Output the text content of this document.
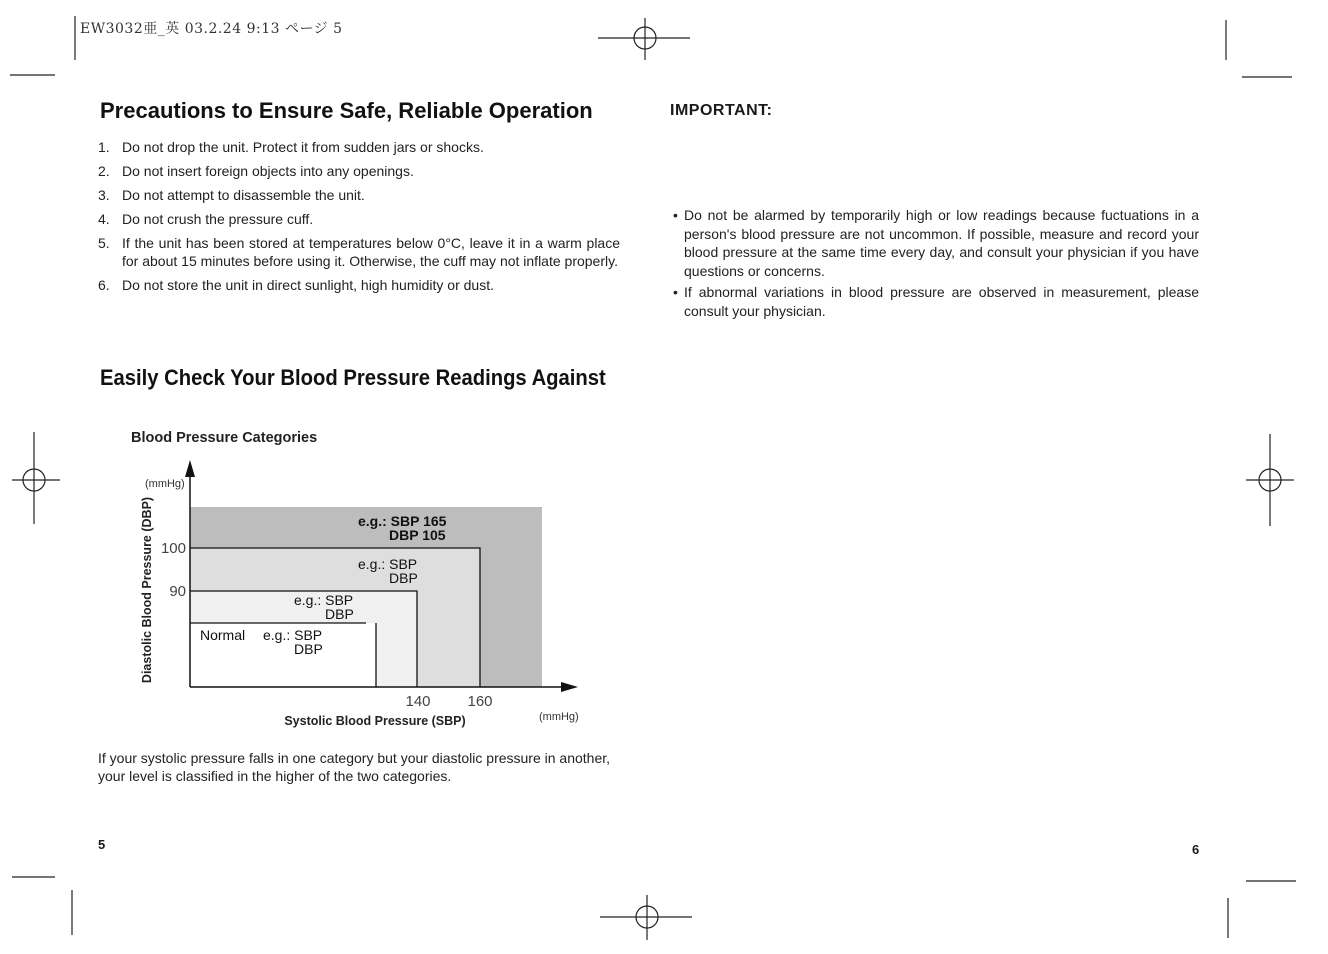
EW3032亜_英 03.2.24 9:13 ページ 5
Precautions to Ensure Safe, Reliable Operation
1. Do not drop the unit. Protect it from sudden jars or shocks.
2. Do not insert foreign objects into any openings.
3. Do not attempt to disassemble the unit.
4. Do not crush the pressure cuff.
5. If the unit has been stored at temperatures below 0°C, leave it in a warm place for about 15 minutes before using it. Otherwise, the cuff may not inflate properly.
6. Do not store the unit in direct sunlight, high humidity or dust.
Easily Check Your Blood Pressure Readings Against
Blood Pressure Categories
(mmHg)
(mmHg)
100
90
140 160
Systolic Blood Pressure (SBP)
Diastolic Blood Pressure (DBP)	e.g.: SBP 165
DBP 105
e.g.: SBP
DBP
e.g.: SBP
DBP
Normal e.g.: SBP
DBP
If your systolic pressure falls in one category but your diastolic pressure in another, your level is classified in the higher of the two categories.
5
IMPORTANT:
• Do not be alarmed by temporarily high or low readings because fuctuations in a person's blood pressure are not uncommon. If possible, measure and record your blood pressure at the same time every day, and consult your physician if you have questions or concerns.
• If abnormal variations in blood pressure are observed in measurement, please consult your physician.
6
